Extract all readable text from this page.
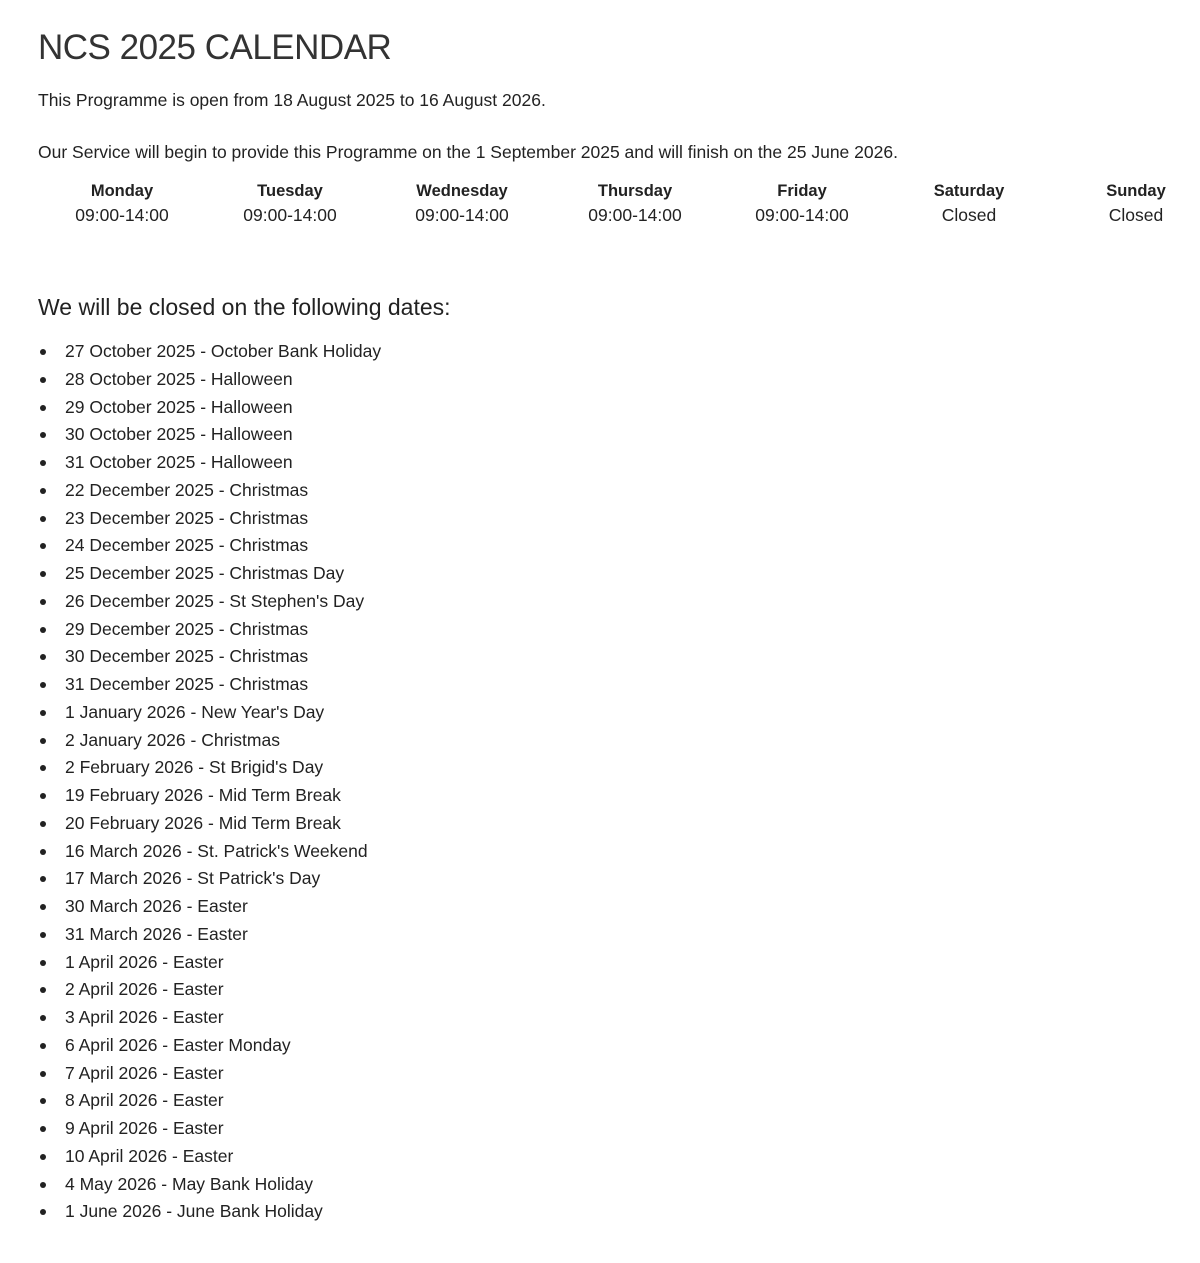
NCS 2025 CALENDAR

This Programme is open from 18 August 2025 to 16 August 2026.

Our Service will begin to provide this Programme on the 1 September 2025 and will finish on the 25 June 2026.

Monday
09:00-14:00
Tuesday
09:00-14:00
Wednesday
09:00-14:00
Thursday
09:00-14:00
Friday
09:00-14:00
Saturday
Closed
Sunday
Closed
We will be closed on the following dates:
27 October 2025 - October Bank Holiday
28 October 2025 - Halloween
29 October 2025 - Halloween
30 October 2025 - Halloween
31 October 2025 - Halloween
22 December 2025 - Christmas
23 December 2025 - Christmas
24 December 2025 - Christmas
25 December 2025 - Christmas Day
26 December 2025 - St Stephen's Day
29 December 2025 - Christmas
30 December 2025 - Christmas
31 December 2025 - Christmas
1 January 2026 - New Year's Day
2 January 2026 - Christmas
2 February 2026 - St Brigid's Day
19 February 2026 - Mid Term Break
20 February 2026 - Mid Term Break
16 March 2026 - St. Patrick's Weekend
17 March 2026 - St Patrick's Day
30 March 2026 - Easter
31 March 2026 - Easter
1 April 2026 - Easter
2 April 2026 - Easter
3 April 2026 - Easter
6 April 2026 - Easter Monday
7 April 2026 - Easter
8 April 2026 - Easter
9 April 2026 - Easter
10 April 2026 - Easter
4 May 2026 - May Bank Holiday
1 June 2026 - June Bank Holiday
